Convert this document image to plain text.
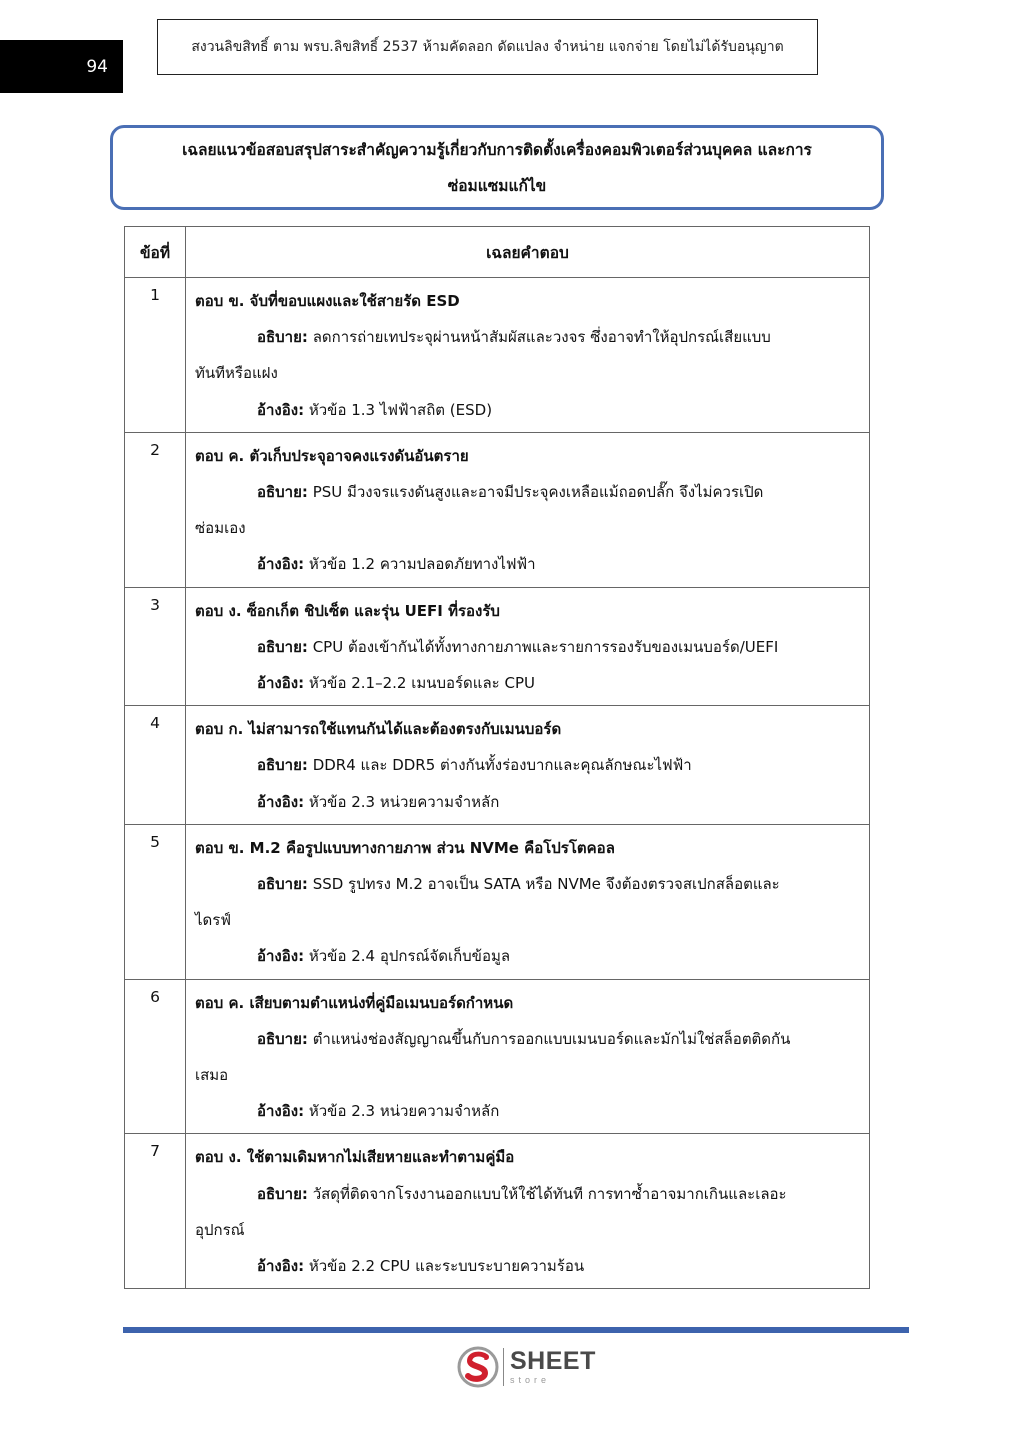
94
สงวนลิขสิทธิ์ ตาม พรบ.ลิขสิทธิ์ 2537 ห้ามคัดลอก ดัดแปลง จำหน่าย แจกจ่าย โดยไม่ได้รับอนุญาต
เฉลยแนวข้อสอบสรุปสาระสำคัญความรู้เกี่ยวกับการติดตั้งเครื่องคอมพิวเตอร์ส่วนบุคคล และการ
ซ่อมแซมแก้ไข
ข้อที่	เฉลยคำตอบ
1	ตอบ ข. จับที่ขอบแผงและใช้สายรัด ESD
อธิบาย: ลดการถ่ายเทประจุผ่านหน้าสัมผัสและวงจร ซึ่งอาจทำให้อุปกรณ์เสียแบบ
ทันทีหรือแฝง
อ้างอิง: หัวข้อ 1.3 ไฟฟ้าสถิต (ESD)

2	ตอบ ค. ตัวเก็บประจุอาจคงแรงดันอันตราย
อธิบาย: PSU มีวงจรแรงดันสูงและอาจมีประจุคงเหลือแม้ถอดปลั๊ก จึงไม่ควรเปิด
ซ่อมเอง
อ้างอิง: หัวข้อ 1.2 ความปลอดภัยทางไฟฟ้า

3	ตอบ ง. ซ็อกเก็ต ชิปเซ็ต และรุ่น UEFI ที่รองรับ
อธิบาย: CPU ต้องเข้ากันได้ทั้งทางกายภาพและรายการรองรับของเมนบอร์ด/UEFI
อ้างอิง: หัวข้อ 2.1–2.2 เมนบอร์ดและ CPU

4	ตอบ ก. ไม่สามารถใช้แทนกันได้และต้องตรงกับเมนบอร์ด
อธิบาย: DDR4 และ DDR5 ต่างกันทั้งร่องบากและคุณลักษณะไฟฟ้า
อ้างอิง: หัวข้อ 2.3 หน่วยความจำหลัก

5	ตอบ ข. M.2 คือรูปแบบทางกายภาพ ส่วน NVMe คือโปรโตคอล
อธิบาย: SSD รูปทรง M.2 อาจเป็น SATA หรือ NVMe จึงต้องตรวจสเปกสล็อตและ
ไดรฟ์
อ้างอิง: หัวข้อ 2.4 อุปกรณ์จัดเก็บข้อมูล

6	ตอบ ค. เสียบตามตำแหน่งที่คู่มือเมนบอร์ดกำหนด
อธิบาย: ตำแหน่งช่องสัญญาณขึ้นกับการออกแบบเมนบอร์ดและมักไม่ใช่สล็อตติดกัน
เสมอ
อ้างอิง: หัวข้อ 2.3 หน่วยความจำหลัก

7	ตอบ ง. ใช้ตามเดิมหากไม่เสียหายและทำตามคู่มือ
อธิบาย: วัสดุที่ติดจากโรงงานออกแบบให้ใช้ได้ทันที การทาซ้ำอาจมากเกินและเลอะ
อุปกรณ์
อ้างอิง: หัวข้อ 2.2 CPU และระบบระบายความร้อน
SHEET
store
